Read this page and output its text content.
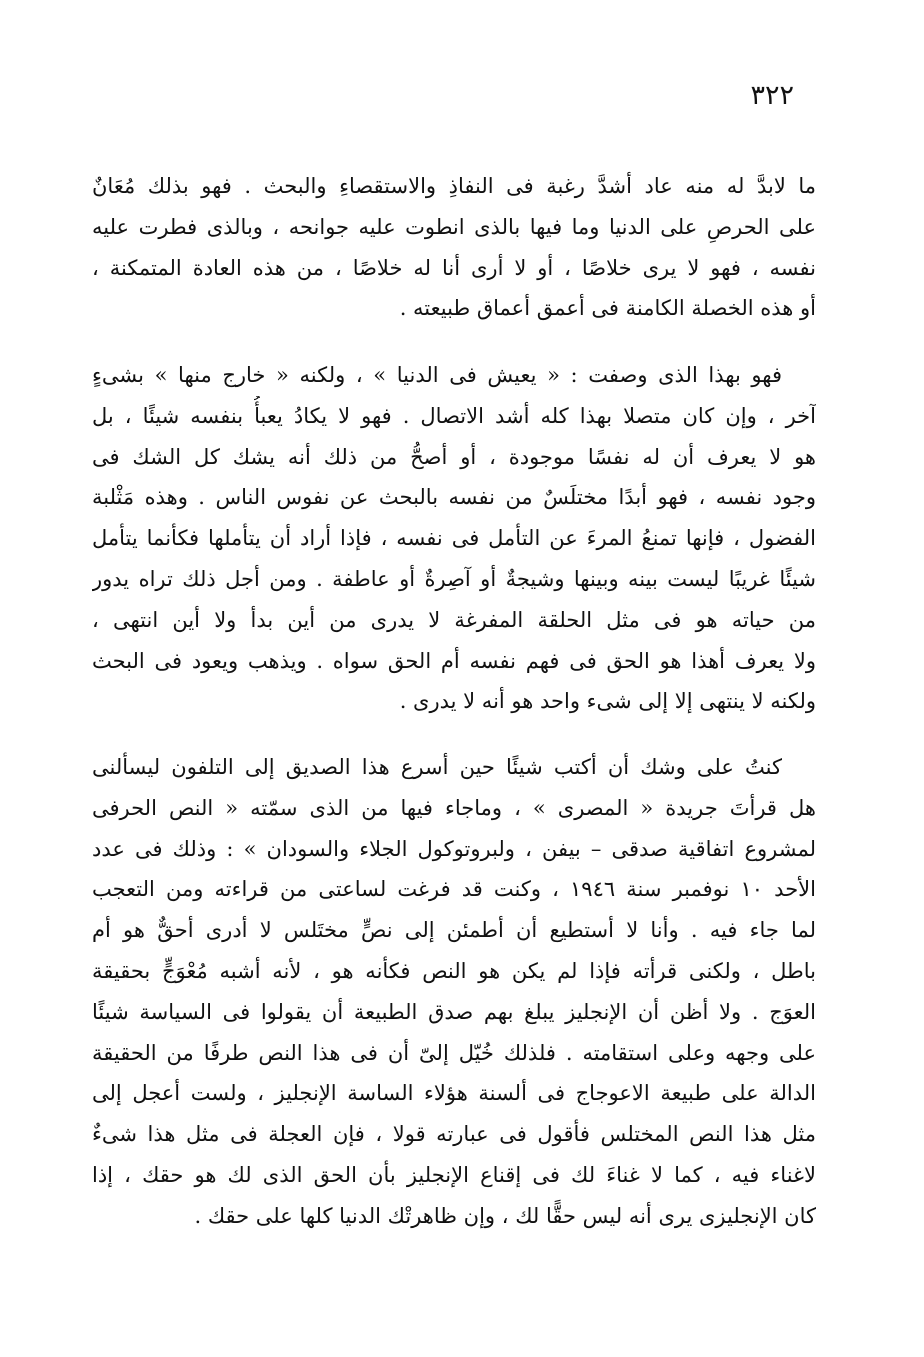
٣٢٢
ما لابدَّ له منه عاد أشدَّ رغبة فى النفاذِ والاستقصاءِ والبحث . فهو بذلك مُعَانٌ
على الحرصِ على الدنيا وما فيها بالذى انطوت عليه جوانحه ، وبالذى فطرت عليه
نفسه ، فهو لا يرى خلاصًا ، أو لا أرى أنا له خلاصًا ، من هذه العادة المتمكنة ،
أو هذه الخصلة الكامنة فى أعمق أعماق طبيعته .
فهو بهذا الذى وصفت : « يعيش فى الدنيا » ، ولكنه « خارج منها » بشىءٍ
آخر ، وإن كان متصلا بهذا كله أشد الاتصال . فهو لا يكادُ يعبأُ بنفسه شيئًا ، بل
هو لا يعرف أن له نفسًا موجودة ، أو أصحُّ من ذلك أنه يشك كل الشك فى
وجود نفسه ، فهو أبدًا مختلَسٌ من نفسه بالبحث عن نفوس الناس . وهذه مَثْلبة
الفضول ، فإنها تمنعُ المرءَ عن التأمل فى نفسه ، فإذا أراد أن يتأملها فكأنما يتأمل
شيئًا غريبًا ليست بينه وبينها وشيجةٌ أو آصِرةٌ أو عاطفة . ومن أجل ذلك تراه يدور
من حياته هو فى مثل الحلقة المفرغة لا يدرى من أين بدأ ولا أين انتهى ،
ولا يعرف أهذا هو الحق فى فهم نفسه أم الحق سواه . ويذهب ويعود فى البحث
ولكنه لا ينتهى إلا إلى شىء واحد هو أنه لا يدرى .
كنتُ على وشك أن أكتب شيئًا حين أسرع هذا الصديق إلى التلفون ليسألنى
هل قرأتَ جريدة « المصرى » ، وماجاء فيها من الذى سمّته « النص الحرفى
لمشروع اتفاقية صدقى – بيفن ، ولبروتوكول الجلاء والسودان » : وذلك فى عدد
الأحد ١٠ نوفمبر سنة ١٩٤٦ ، وكنت قد فرغت لساعتى من قراءته ومن التعجب
لما جاء فيه . وأنا لا أستطيع أن أطمئن إلى نصٍّ مختَلس لا أدرى أحقٌّ هو أم
باطل ، ولكنى قرأته فإذا لم يكن هو النص فكأنه هو ، لأنه أشبه مُعْوَجٍّ بحقيقة
العوَج . ولا أظن أن الإنجليز يبلغ بهم صدق الطبيعة أن يقولوا فى السياسة شيئًا
على وجهه وعلى استقامته . فلذلك خُيّل إلىّ أن فى هذا النص طرفًا من الحقيقة
الدالة على طبيعة الاعوجاج فى ألسنة هؤلاء الساسة الإنجليز ، ولست أعجل إلى
مثل هذا النص المختلس فأقول فى عبارته قولا ، فإن العجلة فى مثل هذا شىءٌ
لاغناء فيه ، كما لا غناءَ لك فى إقناع الإنجليز بأن الحق الذى لك هو حقك ، إذا
كان الإنجليزى يرى أنه ليس حقًّا لك ، وإن ظاهرتْك الدنيا كلها على حقك .
